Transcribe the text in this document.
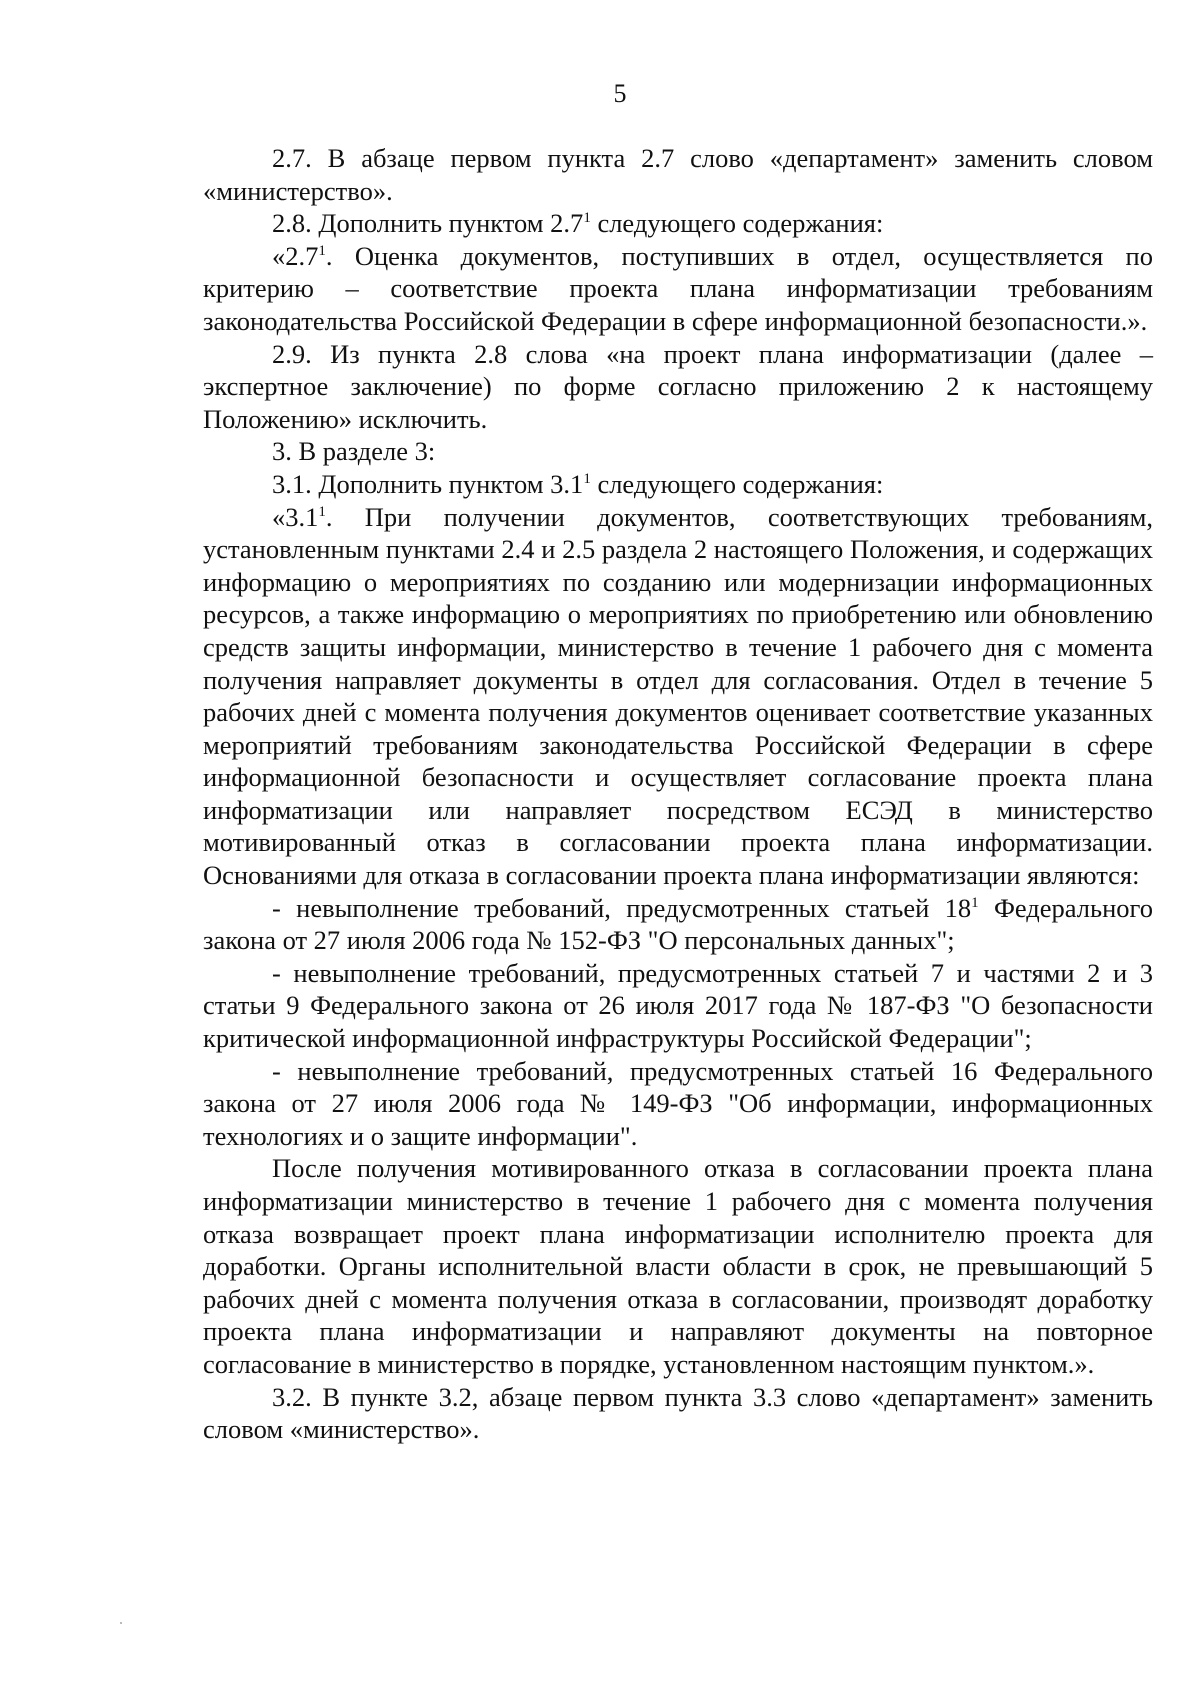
5

2.7. В абзаце первом пункта 2.7 слово «департамент» заменить словом «министерство».

2.8. Дополнить пунктом $2.7^1$ следующего содержания:

«$2.7^1$. Оценка документов, поступивших в отдел, осуществляется по критерию – соответствие проекта плана информатизации требованиям законодательства Российской Федерации в сфере информационной безопасности.».

2.9. Из пункта 2.8 слова «на проект плана информатизации (далее – экспертное заключение) по форме согласно приложению 2 к настоящему Положению» исключить.

3. В разделе 3:

3.1. Дополнить пунктом $3.1^1$ следующего содержания:

«$3.1^1$. При получении документов, соответствующих требованиям, установленным пунктами 2.4 и 2.5 раздела 2 настоящего Положения, и содержащих информацию о мероприятиях по созданию или модернизации информационных ресурсов, а также информацию о мероприятиях по приобретению или обновлению средств защиты информации, министерство в течение 1 рабочего дня с момента получения направляет документы в отдел для согласования. Отдел в течение 5 рабочих дней с момента получения документов оценивает соответствие указанных мероприятий требованиям законодательства Российской Федерации в сфере информационной безопасности и осуществляет согласование проекта плана информатизации или направляет посредством ЕСЭД в министерство мотивированный отказ в согласовании проекта плана информатизации. Основаниями для отказа в согласовании проекта плана информатизации являются:

- невыполнение требований, предусмотренных статьей $18^1$ Федерального закона от 27 июля 2006 года № 152-ФЗ "О персональных данных";

- невыполнение требований, предусмотренных статьей 7 и частями 2 и 3 статьи 9 Федерального закона от 26 июля 2017 года № 187-ФЗ "О безопасности критической информационной инфраструктуры Российской Федерации";

- невыполнение требований, предусмотренных статьей 16 Федерального закона от 27 июля 2006 года № 149-ФЗ "Об информации, информационных технологиях и о защите информации".

После получения мотивированного отказа в согласовании проекта плана информатизации министерство в течение 1 рабочего дня с момента получения отказа возвращает проект плана информатизации исполнителю проекта для доработки. Органы исполнительной власти области в срок, не превышающий 5 рабочих дней с момента получения отказа в согласовании, производят доработку проекта плана информатизации и направляют документы на повторное согласование в министерство в порядке, установленном настоящим пунктом.».

3.2. В пункте 3.2, абзаце первом пункта 3.3 слово «департамент» заменить словом «министерство».
